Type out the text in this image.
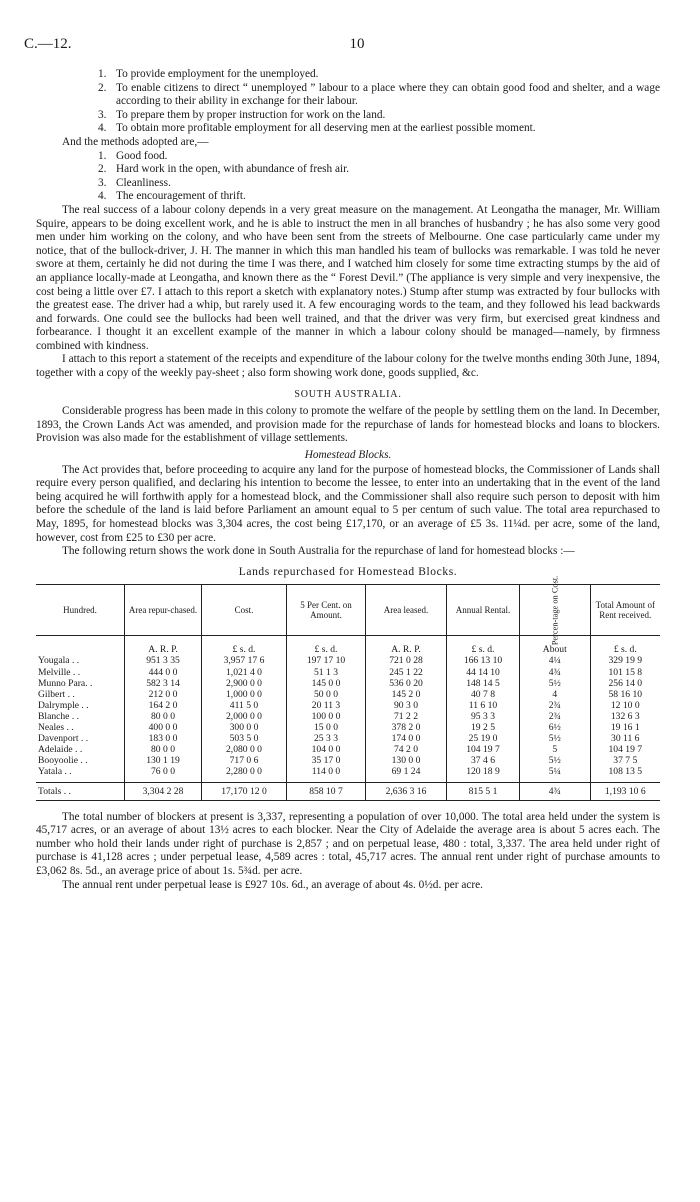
C.—12.	10
1. To provide employment for the unemployed.
2. To enable citizens to direct “ unemployed ” labour to a place where they can obtain good food and shelter, and a wage according to their ability in exchange for their labour.
3. To prepare them by proper instruction for work on the land.
4. To obtain more profitable employment for all deserving men at the earliest possible moment.

And the methods adopted are,—

1. Good food.
2. Hard work in the open, with abundance of fresh air.
3. Cleanliness.
4. The encouragement of thrift.

The real success of a labour colony depends in a very great measure on the management. At Leongatha the manager, Mr. William Squire, appears to be doing excellent work, and he is able to instruct the men in all branches of husbandry ; he has also some very good men under him working on the colony, and who have been sent from the streets of Melbourne. One case particularly came under my notice, that of the bullock-driver, J. H. The manner in which this man handled his team of bullocks was remarkable. I was told he never swore at them, certainly he did not during the time I was there, and I watched him closely for some time extracting stumps by the aid of an appliance locally-made at Leongatha, and known there as the “ Forest Devil.” (The appliance is very simple and very inexpensive, the cost being a little over £7. I attach to this report a sketch with explanatory notes.) Stump after stump was extracted by four bullocks with the greatest ease. The driver had a whip, but rarely used it. A few encouraging words to the team, and they followed his lead backwards and forwards. One could see the bullocks had been well trained, and that the driver was very firm, but exercised great kindness and forbearance. I thought it an excellent example of the manner in which a labour colony should be managed—namely, by firmness combined with kindness.

I attach to this report a statement of the receipts and expenditure of the labour colony for the twelve months ending 30th June, 1894, together with a copy of the weekly pay-sheet ; also form showing work done, goods supplied, &c.

SOUTH AUSTRALIA.

Considerable progress has been made in this colony to promote the welfare of the people by settling them on the land. In December, 1893, the Crown Lands Act was amended, and provision made for the repurchase of lands for homestead blocks and loans to blockers. Provision was also made for the establishment of village settlements.

Homestead Blocks.

The Act provides that, before proceeding to acquire any land for the purpose of homestead blocks, the Commissioner of Lands shall require every person qualified, and declaring his intention to become the lessee, to enter into an undertaking that in the event of the land being acquired he will forthwith apply for a homestead block, and the Commissioner shall also require such person to deposit with him before the schedule of the land is laid before Parliament an amount equal to 5 per centum of such value. The total area repurchased to May, 1895, for homestead blocks was 3,304 acres, the cost being £17,170, or an average of £5 3s. 11¼d. per acre, some of the land, however, cost from £25 to £30 per acre.

The following return shows the work done in South Australia for the repurchase of land for homestead blocks :—

Lands repurchased for Homestead Blocks.
Hundred.	Area repur-chased.	Cost.	5 Per Cent. on Amount.	Area leased.	Annual Rental.	Percen-tage on Cost.	Total Amount of Rent received.
	A. R. P.	£ s. d.	£ s. d.	A. R. P.	£ s. d.	About	£ s. d.
Yougala . .	951 3 35	3,957 17 6	197 17 10	721 0 28	166 13 10	4¼	329 19 9
Melville . .	444 0 0	1,021 4 0	51 1 3	245 1 22	44 14 10	4¾	101 15 8
Munno Para. .	582 3 14	2,900 0 0	145 0 0	536 0 20	148 14 5	5½	256 14 0
Gilbert . .	212 0 0	1,000 0 0	50 0 0	145 2 0	40 7 8	4	58 16 10
Dalrymple . .	164 2 0	411 5 0	20 11 3	90 3 0	11 6 10	2¾	12 10 0
Blanche . .	80 0 0	2,000 0 0	100 0 0	71 2 2	95 3 3	2¾	132 6 3
Neales . .	400 0 0	300 0 0	15 0 0	378 2 0	19 2 5	6½	19 16 1
Davenport . .	183 0 0	503 5 0	25 3 3	174 0 0	25 19 0	5½	30 11 6
Adelaide . .	80 0 0	2,080 0 0	104 0 0	74 2 0	104 19 7	5	104 19 7
Booyoolie . .	130 1 19	717 0 6	35 17 0	130 0 0	37 4 6	5½	37 7 5
Yatala . .	76 0 0	2,280 0 0	114 0 0	69 1 24	120 18 9	5¼	108 13 5

Totals . .	3,304 2 28	17,170 12 0	858 10 7	2,636 3 16	815 5 1	4¾	1,193 10 6

The total number of blockers at present is 3,337, representing a population of over 10,000. The total area held under the system is 45,717 acres, or an average of about 13½ acres to each blocker. Near the City of Adelaide the average area is about 5 acres each. The number who hold their lands under right of purchase is 2,857 ; and on perpetual lease, 480 : total, 3,337. The area held under right of purchase is 41,128 acres ; under perpetual lease, 4,589 acres : total, 45,717 acres. The annual rent under right of purchase amounts to £3,062 8s. 5d., an average price of about 1s. 5¾d. per acre.

The annual rent under perpetual lease is £927 10s. 6d., an average of about 4s. 0½d. per acre.
